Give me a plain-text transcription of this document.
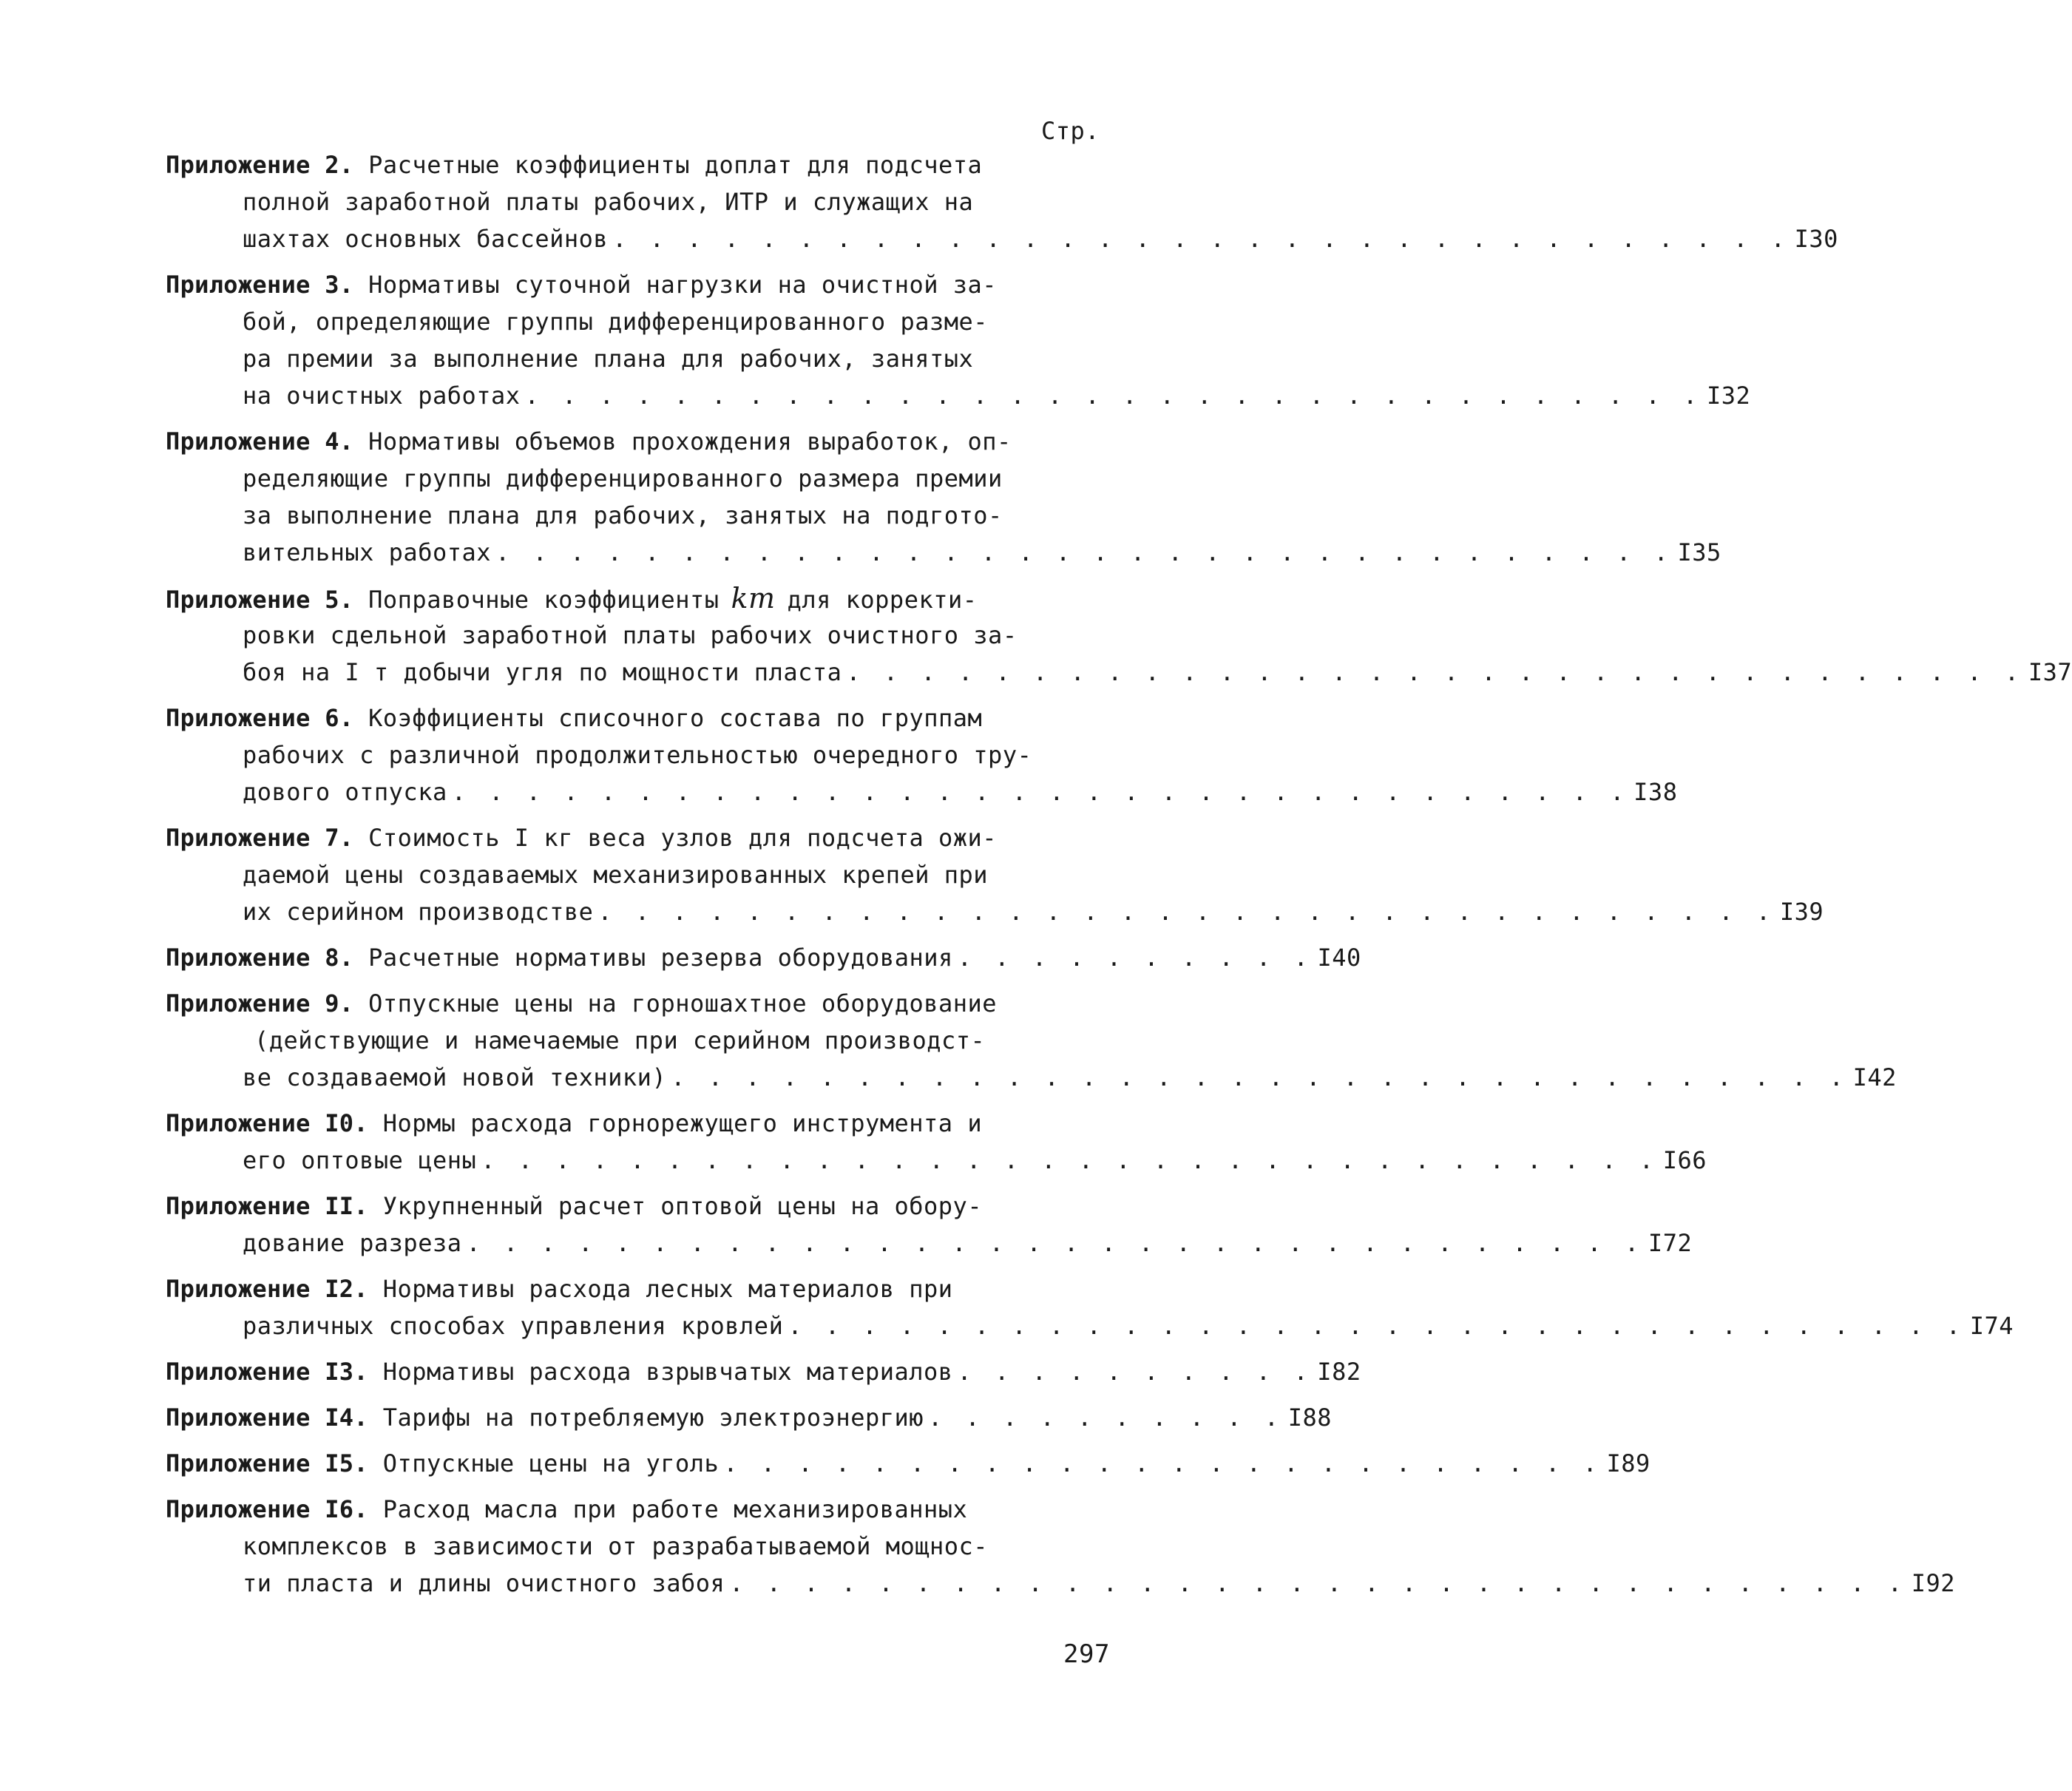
Стр.
Приложение 2. Расчетные коэффициенты доплат для подсчета
полной заработной платы рабочих, ИТР и служащих на
шахтах основных бассейнов . . . . . . . . . . . . . . . . . . . . . . . . . . . . . . . . I30
Приложение 3. Нормативы суточной нагрузки на очистной за-
бой, определяющие группы дифференцированного разме-
ра премии за выполнение плана для рабочих, занятых
на очистных работах . . . . . . . . . . . . . . . . . . . . . . . . . . . . . . . . I32
Приложение 4. Нормативы объемов прохождения выработок, оп-
ределяющие группы дифференцированного размера премии
за выполнение плана для рабочих, занятых на подгото-
вительных работах . . . . . . . . . . . . . . . . . . . . . . . . . . . . . . . . I35
Приложение 5. Поправочные коэффициенты km для корректи-
ровки сдельной заработной платы рабочих очистного за-
боя на I т добычи угля по мощности пласта . . . . . . . . . . . . . . . . . . . . . . . . . . . . . . . . I37
Приложение 6. Коэффициенты списочного состава по группам
рабочих с различной продолжительностью очередного тру-
дового отпуска . . . . . . . . . . . . . . . . . . . . . . . . . . . . . . . . I38
Приложение 7. Стоимость I кг веса узлов для подсчета ожи-
даемой цены создаваемых механизированных крепей при
их серийном производстве . . . . . . . . . . . . . . . . . . . . . . . . . . . . . . . . I39
Приложение 8.
Расчетные нормативы резерва оборудования . . . . . . . . . . I40
Приложение 9. Отпускные цены на горношахтное оборудование
(действующие и намечаемые при серийном производст-
ве создаваемой новой техники) . . . . . . . . . . . . . . . . . . . . . . . . . . . . . . . . I42
Приложение I0. Нормы расхода горнорежущего инструмента и
его оптовые цены . . . . . . . . . . . . . . . . . . . . . . . . . . . . . . . . I66
Приложение II. Укрупненный расчет оптовой цены на обору-
дование разреза . . . . . . . . . . . . . . . . . . . . . . . . . . . . . . . . I72
Приложение I2. Нормативы расхода лесных материалов при
различных способах управления кровлей . . . . . . . . . . . . . . . . . . . . . . . . . . . . . . . . I74
Приложение I3.
Нормативы расхода взрывчатых материалов . . . . . . . . . . I82
Приложение I4.
Тарифы на потребляемую электроэнергию . . . . . . . . . . I88
Приложение I5.
Отпускные цены на уголь . . . . . . . . . . . . . . . . . . . . . . . . I89
Приложение I6. Расход масла при работе механизированных
комплексов в зависимости от разрабатываемой мощнос-
ти пласта и длины очистного забоя . . . . . . . . . . . . . . . . . . . . . . . . . . . . . . . . I92
297
